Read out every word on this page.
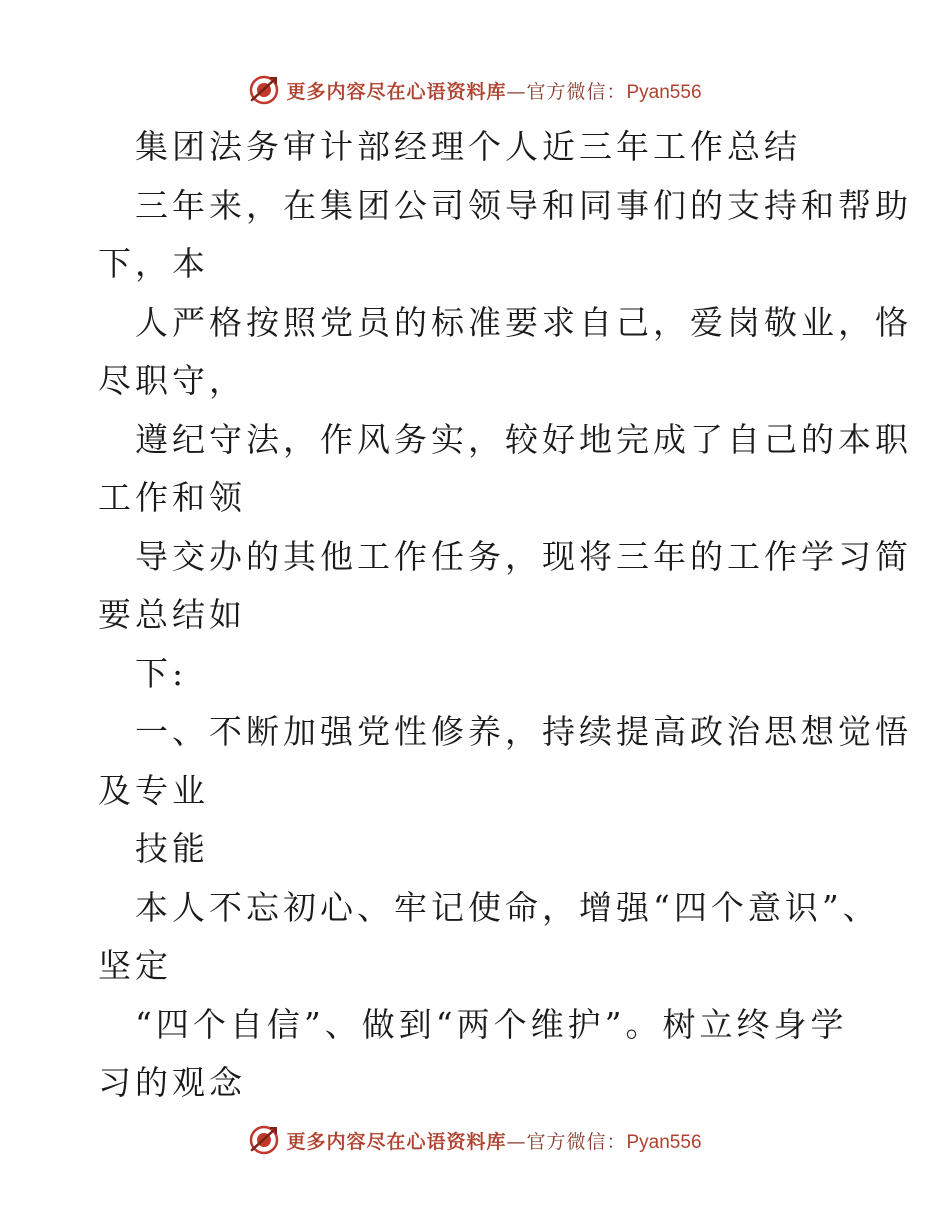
更多内容尽在心语资料库—官方微信：Pyan556
集团法务审计部经理个人近三年工作总结
三年来，在集团公司领导和同事们的支持和帮助
下，本
人严格按照党员的标准要求自己，爱岗敬业，恪
尽职守，
遵纪守法，作风务实，较好地完成了自己的本职
工作和领
导交办的其他工作任务，现将三年的工作学习简
要总结如
下:
一、不断加强党性修养，持续提高政治思想觉悟
及专业
技能
本人不忘初心、牢记使命，增强“四个意识”、
坚定
“四个自信”、做到“两个维护”。树立终身学
习的观念
更多内容尽在心语资料库—官方微信：Pyan556
